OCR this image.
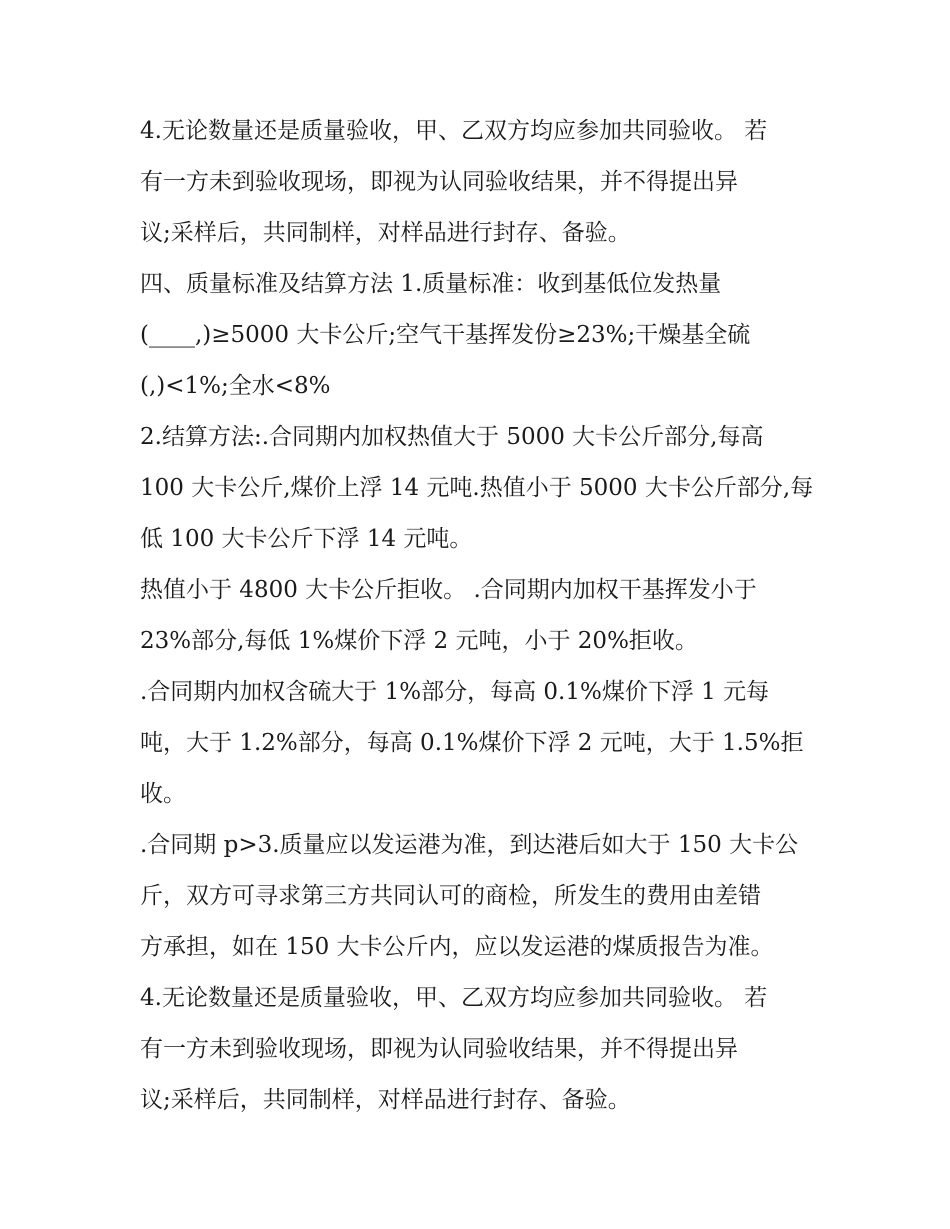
4.无论数量还是质量验收，甲、乙双方均应参加共同验收。 若
有一方未到验收现场，即视为认同验收结果，并不得提出异
议;采样后，共同制样，对样品进行封存、备验。
四、质量标准及结算方法 1.质量标准：收到基低位发热量
(____,)≥5000 大卡公斤;空气干基挥发份≥23%;干燥基全硫
(,)<1%;全水<8%
2.结算方法:.合同期内加权热值大于 5000 大卡公斤部分,每高
100 大卡公斤,煤价上浮 14 元吨.热值小于 5000 大卡公斤部分,每
低 100 大卡公斤下浮 14 元吨。
热值小于 4800 大卡公斤拒收。 .合同期内加权干基挥发小于
23%部分,每低 1%煤价下浮 2 元吨，小于 20%拒收。
.合同期内加权含硫大于 1%部分，每高 0.1%煤价下浮 1 元每
吨，大于 1.2%部分，每高 0.1%煤价下浮 2 元吨，大于 1.5%拒
收。
.合同期 p>3.质量应以发运港为准，到达港后如大于 150 大卡公
斤，双方可寻求第三方共同认可的商检，所发生的费用由差错
方承担，如在 150 大卡公斤内，应以发运港的煤质报告为准。
4.无论数量还是质量验收，甲、乙双方均应参加共同验收。 若
有一方未到验收现场，即视为认同验收结果，并不得提出异
议;采样后，共同制样，对样品进行封存、备验。
